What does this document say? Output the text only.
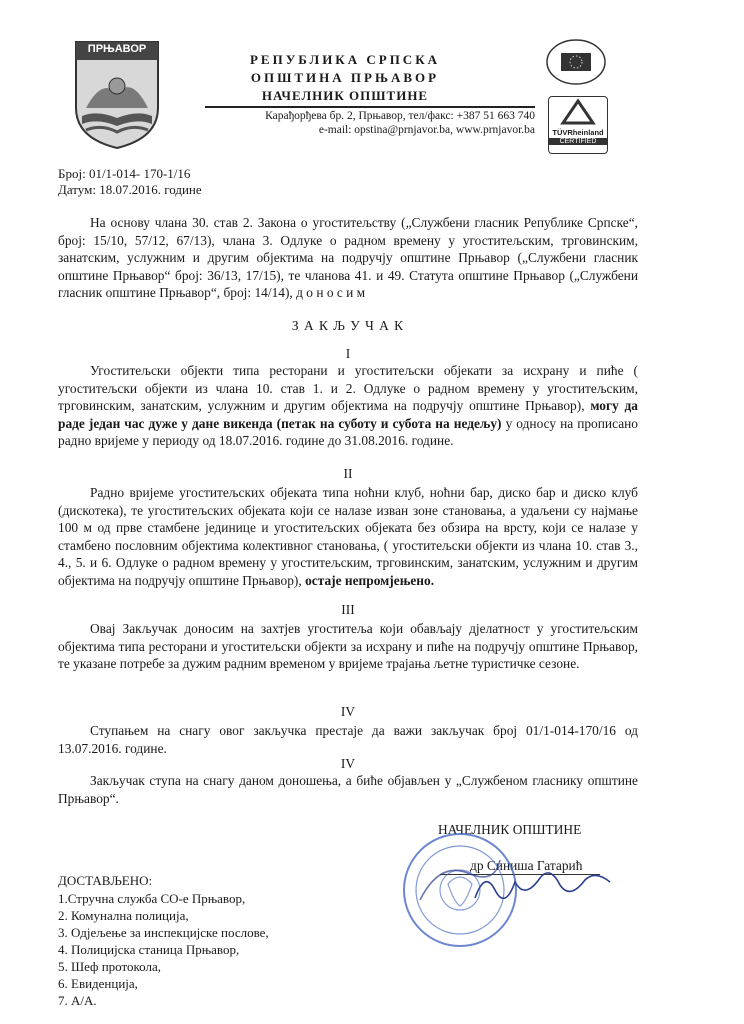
ПРЊАВОР
РЕПУБЛИКА СРПСКА
ОПШТИНА ПРЊАВОР
НАЧЕЛНИК ОПШТИНЕ
Карађорђева бр. 2, Прњавор, тел/факс: +387 51 663 740
e-mail: opstina@prnjavor.ba, www.prnjavor.ba	TÜVRheinland
CERTIFIED
Број: 01/1-014- 170-1/16
Датум: 18.07.2016. године

На основу члана 30. став 2. Закона о угоститељству („Службени гласник Републике Српске“, број: 15/10, 57/12, 67/13), члана 3. Одлуке о радном времену у угоститељским, трговинским, занатским, услужним и другим објектима на подручју општине Прњавор („Службени гласник општине Прњавор“ број: 36/13, 17/15), те чланова 41. и 49. Статута општине Прњавор („Службени гласник општине Прњавор“, број: 14/14), д о н о с и м

З А К Љ У Ч А К
I

Угоститељски објекти типа ресторани и угоститељски објекати за исхрану и пиће ( угоститељски објекти из члана 10. став 1. и 2. Одлуке о радном времену у угоститељским, трговинским, занатским, услужним и другим објектима на подручју општине Прњавор), могу да раде један час дуже у дане викенда (петак на суботу и субота на недељу) у односу на прописано радно вријеме у периоду од 18.07.2016. године до 31.08.2016. године.

II

Радно вријеме угоститељских објеката типа ноћни клуб, ноћни бар, диско бар и диско клуб (дискотека), те угоститељских објеката који се налазе изван зоне становања, а удаљени су најмање 100 м од прве стамбене јединице и угоститељских објеката без обзира на врсту, који се налазе у стамбено пословним објектима колективног становања, ( угоститељски објекти из члана 10. став 3., 4., 5. и 6. Одлуке о радном времену у угоститељским, трговинским, занатским, услужним и другим објектима на подручју општине Прњавор), остаје непромјењено.

III

Овај Закључак доносим на захтјев угоститеља који обављају дјелатност у угоститељским објектима типа ресторани и угоститељски објекти за исхрану и пиће на подручју општине Прњавор, те указане потребе за дужим радним временом у вријеме трајања љетне туристичке сезоне.

IV

Ступањем на снагу овог закључка престаје да важи закључак број 01/1-014-170/16 од 13.07.2016. године.

IV

Закључак ступа на снагу даном доношења, а биће објављен у „Службеном гласнику општине Прњавор“.

НАЧЕЛНИК ОПШТИНЕ
др Синиша Гатарић
ДОСТАВЉЕНО:
1.Стручна служба СО-е Прњавор,
2. Комунална полиција,
3. Одјељење за инспекцијске послове,
4. Полицијска станица Прњавор,
5. Шеф протокола,
6. Евиденција,
7. А/А.
